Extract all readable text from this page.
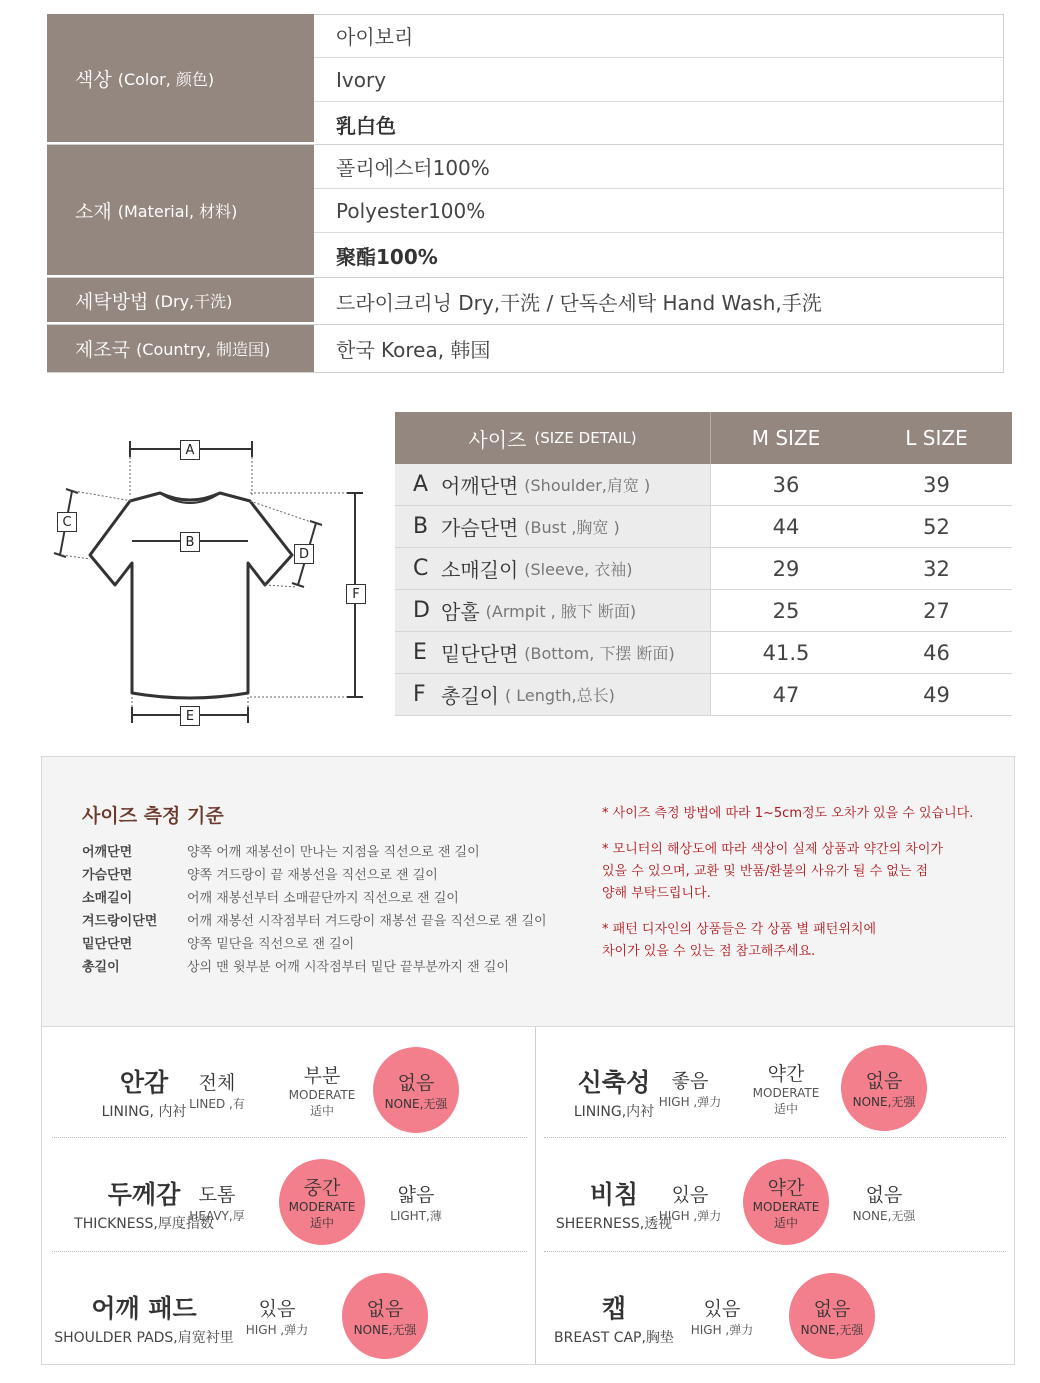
색상 (Color, 颜色)
아이보리
Ivory
乳白色
소재 (Material, 材料)
폴리에스터100%
Polyester100%
聚酯100%
세탁방법 (Dry,干洗)	드라이크리닝 Dry,干洗 / 단독손세탁 Hand Wash,手洗
제조국 (Country, 制造国)	한국 Korea, 韩国
A
B
C
D
E
F
사이즈 (SIZE DETAIL)	M SIZE	L SIZE
A 어깨단면 (Shoulder,肩宽 )	36	39
B 가슴단면 (Bust ,胸宽 )	44	52
C 소매길이 (Sleeve, 衣袖)	29	32
D 암홀 (Armpit , 腋下 断面)	25	27
E 밑단단면 (Bottom, 下摆 断面)	41.5	46
F 총길이 ( Length,总长)	47	49
사이즈 측정 기준
어깨단면	양쪽 어깨 재봉선이 만나는 지점을 직선으로 잰 길이
가슴단면	양쪽 겨드랑이 끝 재봉선을 직선으로 잰 길이
소매길이	어깨 재봉선부터 소매끝단까지 직선으로 잰 길이
겨드랑이단면	어깨 재봉선 시작점부터 겨드랑이 재봉선 끝을 직선으로 잰 길이
밑단단면	양쪽 밑단을 직선으로 잰 길이
총길이	상의 맨 윗부분 어깨 시작점부터 밑단 끝부분까지 잰 길이

* 사이즈 측정 방법에 따라 1~5cm정도 오차가 있을 수 있습니다.

* 모니터의 해상도에 따라 색상이 실제 상품과 약간의 차이가
있을 수 있으며, 교환 및 반품/환불의 사유가 될 수 없는 점
양해 부탁드립니다.

* 패턴 디자인의 상품들은 각 상품 별 패턴위치에
차이가 있을 수 있는 점 참고해주세요.

안감
LINING, 内衬
전체
LINED ,有
부분
MODERATE
适中
없음
NONE,无强
신축성
LINING,内衬
좋음
HIGH ,弹力
약간
MODERATE
适中
없음
NONE,无强
두께감
THICKNESS,厚度指数
도톰
HEAVY,厚
중간
MODERATE
适中
얇음
LIGHT,薄
비침
SHEERNESS,透视
있음
HIGH ,弹力
약간
MODERATE
适中
없음
NONE,无强
어깨 패드
SHOULDER PADS,肩宽衬里
있음
HIGH ,弹力
없음
NONE,无强
캡
BREAST CAP,胸垫
있음
HIGH ,弹力
없음
NONE,无强
